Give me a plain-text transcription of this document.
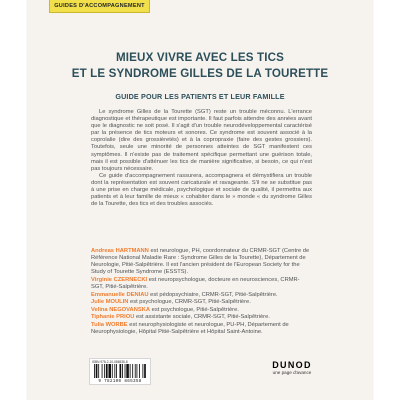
GUIDES D'ACCOMPAGNEMENT
MIEUX VIVRE AVEC LES TICS
ET LE SYNDROME GILLES DE LA TOURETTE
GUIDE POUR LES PATIENTS ET LEUR FAMILLE

Le syndrome Gilles de la Tourette (SGT) reste un trouble méconnu. L'errance diagnostique et thérapeutique est importante. Il faut parfois attendre des années avant que le diagnostic ne soit posé. Il s'agit d'un trouble neurodéveloppemental caractérisé par la présence de tics moteurs et sonores. Ce syndrome est souvent associé à la coprolalie (dire des grossièretés) et à la copropraxie (faire des gestes grossiers). Toutefois, seule une minorité de personnes atteintes de SGT manifestent ces symptômes. Il n'existe pas de traitement spécifique permettant une guérison totale, mais il est possible d'atténuer les tics de manière significative, si besoin, ce qui n'est pas toujours nécessaire.

Ce guide d'accompagnement rassurera, accompagnera et démystifiera un trouble dont la représentation est souvent caricaturale et ravageante. S'il ne se substitue pas à une prise en charge médicale, psychologique et sociale de qualité, il permettra aux patients et à leur famille de mieux « cohabiter dans le » monde « du syndrome Gilles de la Tourette, des tics et des troubles associés.

Andreas HARTMANN est neurologue, PH, coordonnateur du CRMR-SGT (Centre de Référence National Maladie Rare : Syndrome Gilles de la Tourette), Département de Neurologie, Pitié-Salpêtrière. Il est l'ancien président de l'European Society for the Study of Tourette Syndrome (ESSTS).
Virginie CZERNECKI est neuropsychologue, docteure en neurosciences, CRMR-SGT, Pitié-Salpêtrière.
Emmanuelle DENIAU est pédopsychiatre, CRMR-SGT, Pitié-Salpêtrière.
Julie MOULIN est psychologue, CRMR-SGT, Pitié-Salpêtrière.
Velina NEGOVANSKA est psychologue, Pitié-Salpêtrière.
Tiphanie PRIOU est assistante sociale, CRMR-SGT, Pitié-Salpêtrière.
Tulia WORBE est neurophysiologiste et neurologue, PU-PH, Département de Neurophysiologie, Hôpital Pitié-Salpêtrière et Hôpital Saint-Antoine.
ISBN 978-2-10-086535-8
9 782100 865358
DUNOD
une page d'avance
